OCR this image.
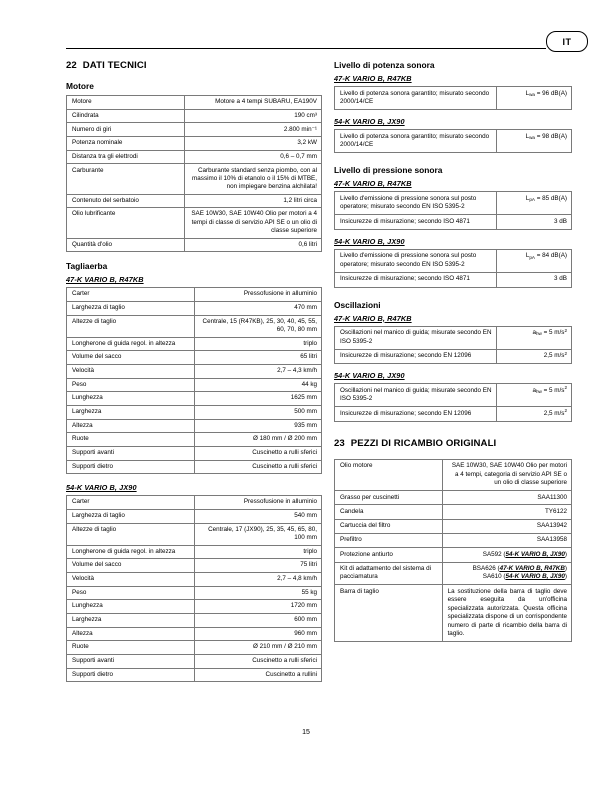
IT
22 DATI TECNICI
Motore
Motore	Motore a 4 tempi SUBARU, EA190V
Cilindrata	190 cm³
Numero di giri	2.800 min⁻¹
Potenza nominale	3,2 kW
Distanza tra gli elettrodi	0,6 – 0,7 mm
Carburante	Carburante standard senza piombo, con al massimo il 10% di etanolo o il 15% di MTBE, non impiegare benzina alchilata!
Contenuto del serbatoio	1,2 litri circa
Olio lubrificante	SAE 10W30, SAE 10W40 Olio per motori a 4 tempi di classe di servizio API SE o un olio di classe superiore
Quantità d'olio	0,6 litri
Tagliaerba
47-K VARIO B, R47KB
Carter	Pressofusione in alluminio
Larghezza di taglio	470 mm
Altezze di taglio	Centrale, 15 (R47KB), 25, 30, 40, 45, 55, 60, 70, 80 mm
Longherone di guida regol. in altezza	triplo
Volume del sacco	65 litri
Velocità	2,7 – 4,3 km/h
Peso	44 kg
Lunghezza	1625 mm
Larghezza	500 mm
Altezza	935 mm
Ruote	Ø 180 mm / Ø 200 mm
Supporti avanti	Cuscinetto a rulli sferici
Supporti dietro	Cuscinetto a rulli sferici
54-K VARIO B, JX90
Carter	Pressofusione in alluminio
Larghezza di taglio	540 mm
Altezze di taglio	Centrale, 17 (JX90), 25, 35, 45, 65, 80, 100 mm
Longherone di guida regol. in altezza	triplo
Volume del sacco	75 litri
Velocità	2,7 – 4,8 km/h
Peso	55 kg
Lunghezza	1720 mm
Larghezza	600 mm
Altezza	960 mm
Ruote	Ø 210 mm / Ø 210 mm
Supporti avanti	Cuscinetto a rulli sferici
Supporti dietro	Cuscinetto a rullini
Livello di potenza sonora
47-K VARIO B, R47KB
Livello di potenza sonora garantito; misurato secondo 2000/14/CE	$L_{wa} = 96$ dB(A)
54-K VARIO B, JX90
Livello di potenza sonora garantito; misurato secondo 2000/14/CE	$L_{wa} = 98$ dB(A)
Livello di pressione sonora
47-K VARIO B, R47KB
Livello d'emissione di pressione sonora sul posto operatore; misurato secondo EN ISO 5395-2	$L_{pA} = 85$ dB(A)
Insicurezze di misurazione; secondo ISO 4871	3 dB
54-K VARIO B, JX90
Livello d'emissione di pressione sonora sul posto operatore; misurato secondo EN ISO 5395-2	$L_{pA} = 84$ dB(A)
Insicurezze di misurazione; secondo ISO 4871	3 dB
Oscillazioni
47-K VARIO B, R47KB
Oscillazioni nel manico di guida; misurate secondo EN ISO 5395-2	$a_{hw} = 5$ $m/s^2$
Insicurezze di misurazione; secondo EN 12096	2,5 $m/s^2$
54-K VARIO B, JX90
Oscillazioni nel manico di guida; misurate secondo EN ISO 5395-2	$a_{hw} = 5$ $m/s^2$
Insicurezze di misurazione; secondo EN 12096	2,5 $m/s^2$
23 PEZZI DI RICAMBIO ORIGINALI
Olio motore	SAE 10W30, SAE 10W40 Olio per motori a 4 tempi, categoria di servizio API SE o un olio di classe superiore
Grasso per cuscinetti	SAA11300
Candela	TY6122
Cartuccia del filtro	SAA13942
Prefiltro	SAA13958
Protezione antiurto	SA592 (54-K VARIO B, JX90)
Kit di adattamento del sistema di pacciamatura	BSA626 (47-K VARIO B, R47KB)
SA610 (54-K VARIO B, JX90)
Barra di taglio	La sostituzione della barra di taglio deve essere eseguita da un'officina specializzata autorizzata. Questa officina specializzata dispone di un corrispondente numero di parte di ricambio della barra di taglio.
15
